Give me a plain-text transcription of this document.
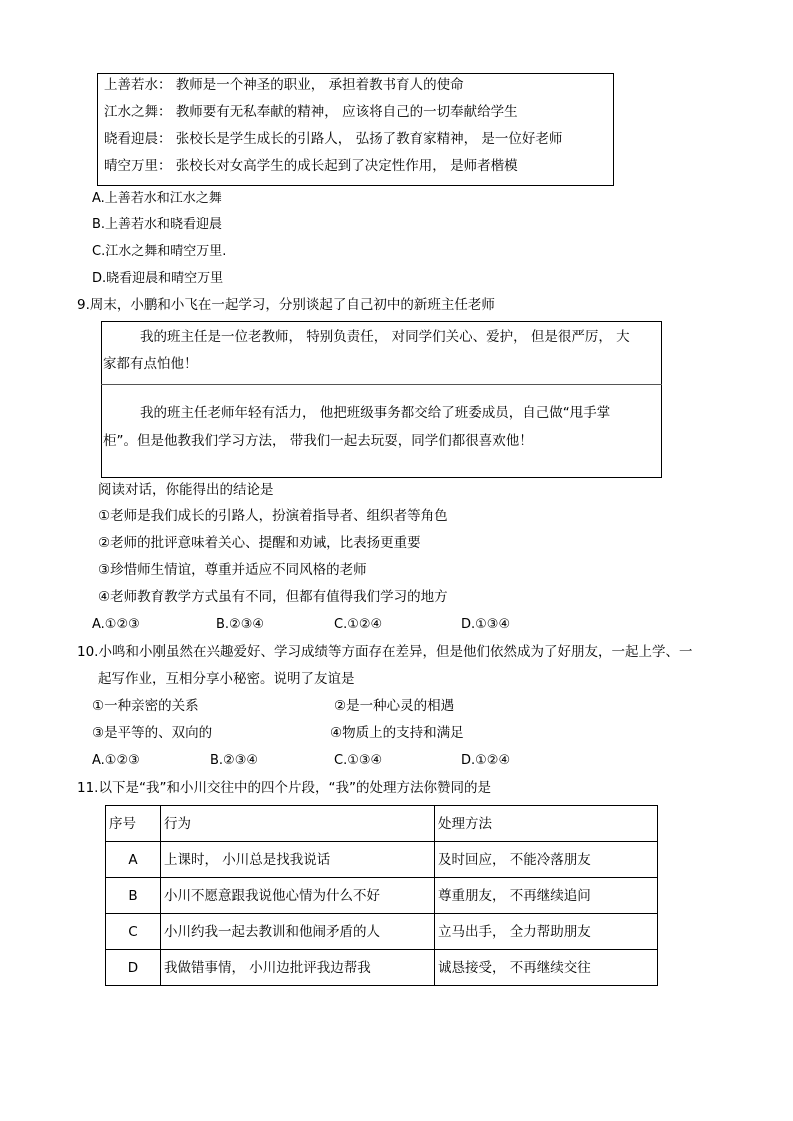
上善若水： 教师是一个神圣的职业， 承担着教书育人的使命
江水之舞： 教师要有无私奉献的精神， 应该将自己的一切奉献给学生
晓看迎晨： 张校长是学生成长的引路人， 弘扬了教育家精神， 是一位好老师
晴空万里： 张校长对女高学生的成长起到了决定性作用， 是师者楷模
A.上善若水和江水之舞
B.上善若水和晓看迎晨
C.江水之舞和晴空万里.
D.晓看迎晨和晴空万里
9.周末，小鹏和小飞在一起学习，分别谈起了自己初中的新班主任老师
我的班主任是一位老教师， 特别负责任， 对同学们关心、爱护， 但是很严厉， 大
家都有点怕他！
我的班主任老师年轻有活力， 他把班级事务都交给了班委成员，自己做“甩手掌
柜”。但是他教我们学习方法， 带我们一起去玩耍，同学们都很喜欢他！
阅读对话，你能得出的结论是
①老师是我们成长的引路人，扮演着指导者、组织者等角色
②老师的批评意味着关心、提醒和劝诫，比表扬更重要
③珍惜师生情谊，尊重并适应不同风格的老师
④老师教育教学方式虽有不同，但都有值得我们学习的地方
A.①②③	B.②③④	C.①②④	D.①③④
10.小鸣和小刚虽然在兴趣爱好、学习成绩等方面存在差异，但是他们依然成为了好朋友，一起上学、一
起写作业，互相分享小秘密。说明了友谊是
①一种亲密的关系	②是一种心灵的相遇
③是平等的、双向的	④物质上的支持和满足
A.①②③	B.②③④	C.①③④	D.①②④
11.以下是“我”和小川交往中的四个片段，“我”的处理方法你赞同的是
序号	行为	处理方法
A	上课时， 小川总是找我说话	及时回应， 不能冷落朋友
B	小川不愿意跟我说他心情为什么不好	尊重朋友， 不再继续追问
C	小川约我一起去教训和他闹矛盾的人	立马出手， 全力帮助朋友
D	我做错事情， 小川边批评我边帮我	诚恳接受， 不再继续交往
